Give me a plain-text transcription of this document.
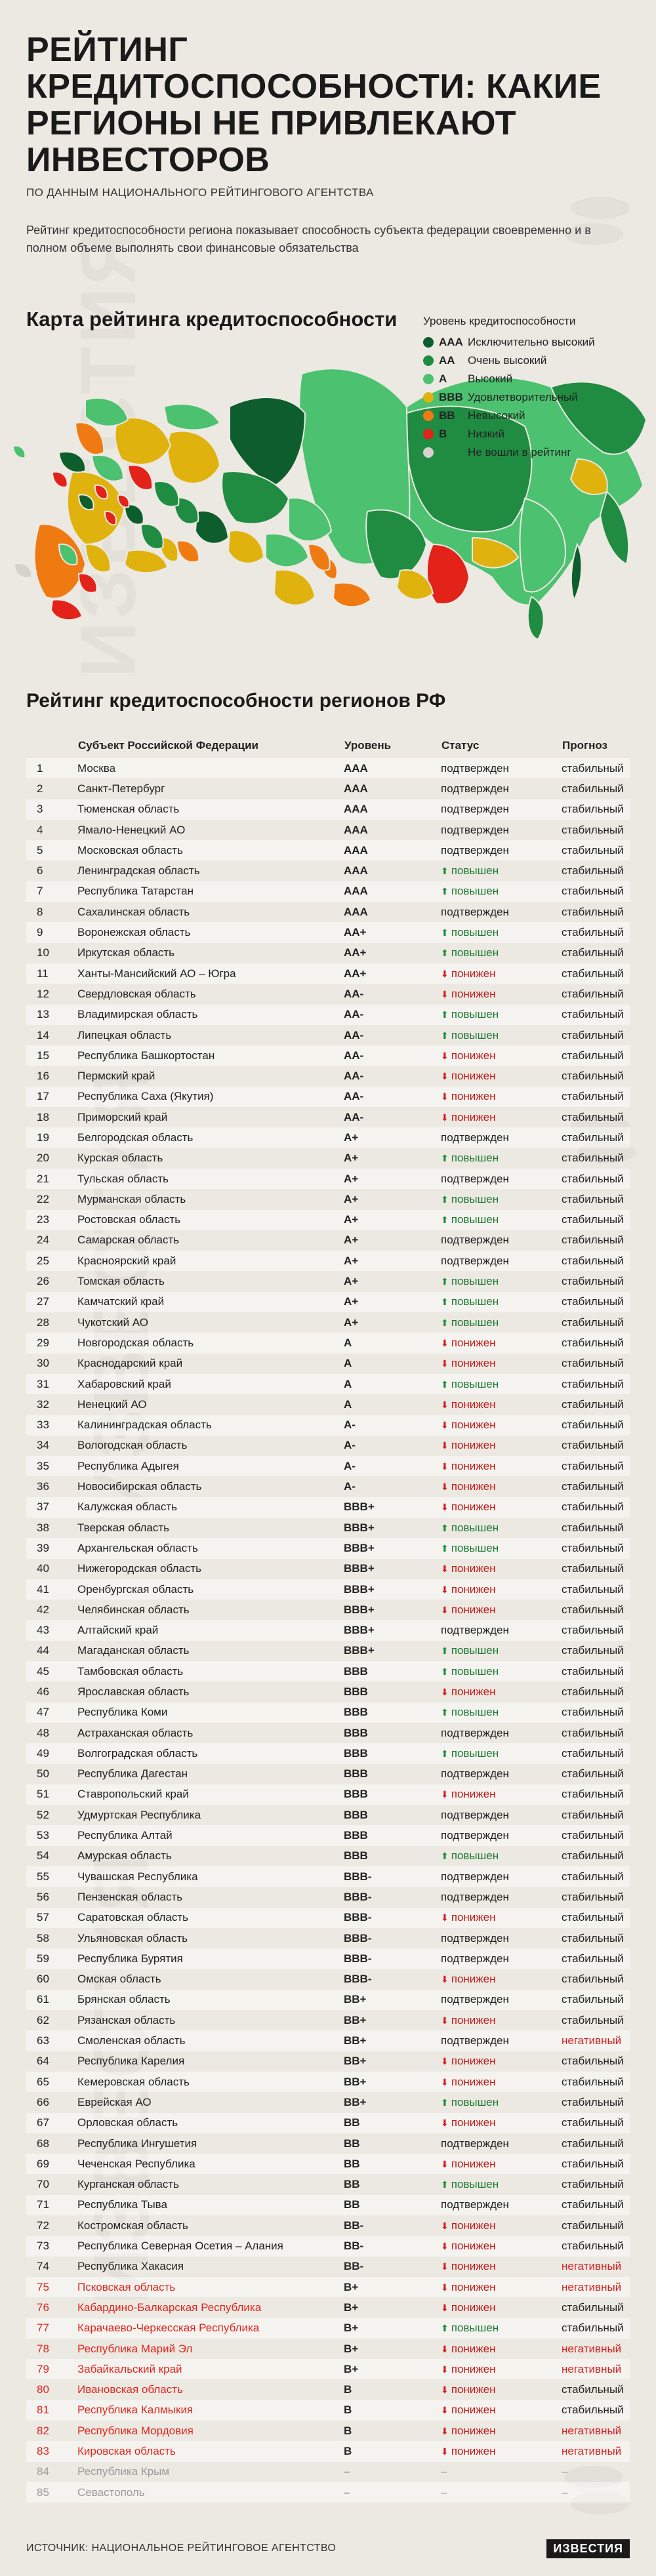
РЕЙТИНГ КРЕДИТОСПОСОБНОСТИ: КАКИЕ РЕГИОНЫ НЕ ПРИВЛЕКАЮТ ИНВЕСТОРОВ
ПО ДАННЫМ НАЦИОНАЛЬНОГО РЕЙТИНГОВОГО АГЕНТСТВА
Рейтинг кредитоспособности региона показывает способность субъекта федерации своевременно и в полном объеме выполнять свои финансовые обязательства
Карта рейтинга кредитоспособности Уровень кредитоспособности
ААА Исключительно высокий
АА	Очень высокий
А	Высокий
ВВВ Удовлетворительный
ВВ	Невысокий
В	Низкий
Не вошли в рейтинг
Рейтинг кредитоспособности регионов РФ
	Субъект Российской Федерации	Уровень	Статус	Прогноз
1	Москва	ААА	подтвержден	стабильный
2	Санкт-Петербург	ААА	подтвержден	стабильный
3	Тюменская область	ААА	подтвержден	стабильный
4	Ямало-Ненецкий АО	ААА	подтвержден	стабильный
5	Московская область	ААА	подтвержден	стабильный
6	Ленинградская область	ААА	⬆ повышен	стабильный
7	Республика Татарстан	ААА	⬆ повышен	стабильный
8	Сахалинская область	ААА	подтвержден	стабильный
9	Воронежская область	АА+	⬆ повышен	стабильный
10	Иркутская область	АА+	⬆ повышен	стабильный
11	Ханты-Мансийский АО – Югра	АА+	⬇ понижен	стабильный
12	Свердловская область	АА-	⬇ понижен	стабильный
13	Владимирская область	АА-	⬆ повышен	стабильный
14	Липецкая область	АА-	⬆ повышен	стабильный
15	Республика Башкортостан	АА-	⬇ понижен	стабильный
16	Пермский край	АА-	⬇ понижен	стабильный
17	Республика Саха (Якутия)	АА-	⬇ понижен	стабильный
18	Приморский край	АА-	⬇ понижен	стабильный
19	Белгородская область	А+	подтвержден	стабильный
20	Курская область	А+	⬆ повышен	стабильный
21	Тульская область	А+	подтвержден	стабильный
22	Мурманская область	А+	⬆ повышен	стабильный
23	Ростовская область	А+	⬆ повышен	стабильный
24	Самарская область	А+	подтвержден	стабильный
25	Красноярский край	А+	подтвержден	стабильный
26	Томская область	А+	⬆ повышен	стабильный
27	Камчатский край	А+	⬆ повышен	стабильный
28	Чукотский АО	А+	⬆ повышен	стабильный
29	Новгородская область	А	⬇ понижен	стабильный
30	Краснодарский край	А	⬇ понижен	стабильный
31	Хабаровский край	А	⬆ повышен	стабильный
32	Ненецкий АО	А	⬇ понижен	стабильный
33	Калининградская область	А-	⬇ понижен	стабильный
34	Вологодская область	А-	⬇ понижен	стабильный
35	Республика Адыгея	А-	⬇ понижен	стабильный
36	Новосибирская область	А-	⬇ понижен	стабильный
37	Калужская область	ВВВ+	⬇ понижен	стабильный
38	Тверская область	ВВВ+	⬆ повышен	стабильный
39	Архангельская область	ВВВ+	⬆ повышен	стабильный
40	Нижегородская область	ВВВ+	⬇ понижен	стабильный
41	Оренбургская область	ВВВ+	⬇ понижен	стабильный
42	Челябинская область	ВВВ+	⬇ понижен	стабильный
43	Алтайский край	ВВВ+	подтвержден	стабильный
44	Магаданская область	ВВВ+	⬆ повышен	стабильный
45	Тамбовская область	ВВВ	⬆ повышен	стабильный
46	Ярославская область	ВВВ	⬇ понижен	стабильный
47	Республика Коми	ВВВ	⬆ повышен	стабильный
48	Астраханская область	ВВВ	подтвержден	стабильный
49	Волгоградская область	ВВВ	⬆ повышен	стабильный
50	Республика Дагестан	ВВВ	подтвержден	стабильный
51	Ставропольский край	ВВВ	⬇ понижен	стабильный
52	Удмуртская Республика	ВВВ	подтвержден	стабильный
53	Республика Алтай	ВВВ	подтвержден	стабильный
54	Амурская область	ВВВ	⬆ повышен	стабильный
55	Чувашская Республика	ВВВ-	подтвержден	стабильный
56	Пензенская область	ВВВ-	подтвержден	стабильный
57	Саратовская область	ВВВ-	⬇ понижен	стабильный
58	Ульяновская область	ВВВ-	подтвержден	стабильный
59	Республика Бурятия	ВВВ-	подтвержден	стабильный
60	Омская область	ВВВ-	⬇ понижен	стабильный
61	Брянская область	ВВ+	подтвержден	стабильный
62	Рязанская область	ВВ+	⬇ понижен	стабильный
63	Смоленская область	ВВ+	подтвержден	негативный
64	Республика Карелия	ВВ+	⬇ понижен	стабильный
65	Кемеровская область	ВВ+	⬇ понижен	стабильный
66	Еврейская АО	ВВ+	⬆ повышен	стабильный
67	Орловская область	ВВ	⬇ понижен	стабильный
68	Республика Ингушетия	ВВ	подтвержден	стабильный
69	Чеченская Республика	ВВ	⬇ понижен	стабильный
70	Курганская область	ВВ	⬆ повышен	стабильный
71	Республика Тыва	ВВ	подтвержден	стабильный
72	Костромская область	ВВ-	⬇ понижен	стабильный
73	Республика Северная Осетия – Алания	ВВ-	⬇ понижен	стабильный
74	Республика Хакасия	ВВ-	⬇ понижен	негативный
75	Псковская область	В+	⬇ понижен	негативный
76	Кабардино-Балкарская Республика	В+	⬇ понижен	стабильный
77	Карачаево-Черкесская Республика	В+	⬆ повышен	стабильный
78	Республика Марий Эл	В+	⬇ понижен	негативный
79	Забайкальский край	В+	⬇ понижен	негативный
80	Ивановская область	В	⬇ понижен	стабильный
81	Республика Калмыкия	В	⬇ понижен	стабильный
82	Республика Мордовия	В	⬇ понижен	негативный
83	Кировская область	В	⬇ понижен	негативный
84	Республика Крым	–	–	–
85	Севастополь	–	–	–
ИСТОЧНИК: НАЦИОНАЛЬНОЕ РЕЙТИНГОВОЕ АГЕНТСТВО	ИЗВЕСТИЯ
